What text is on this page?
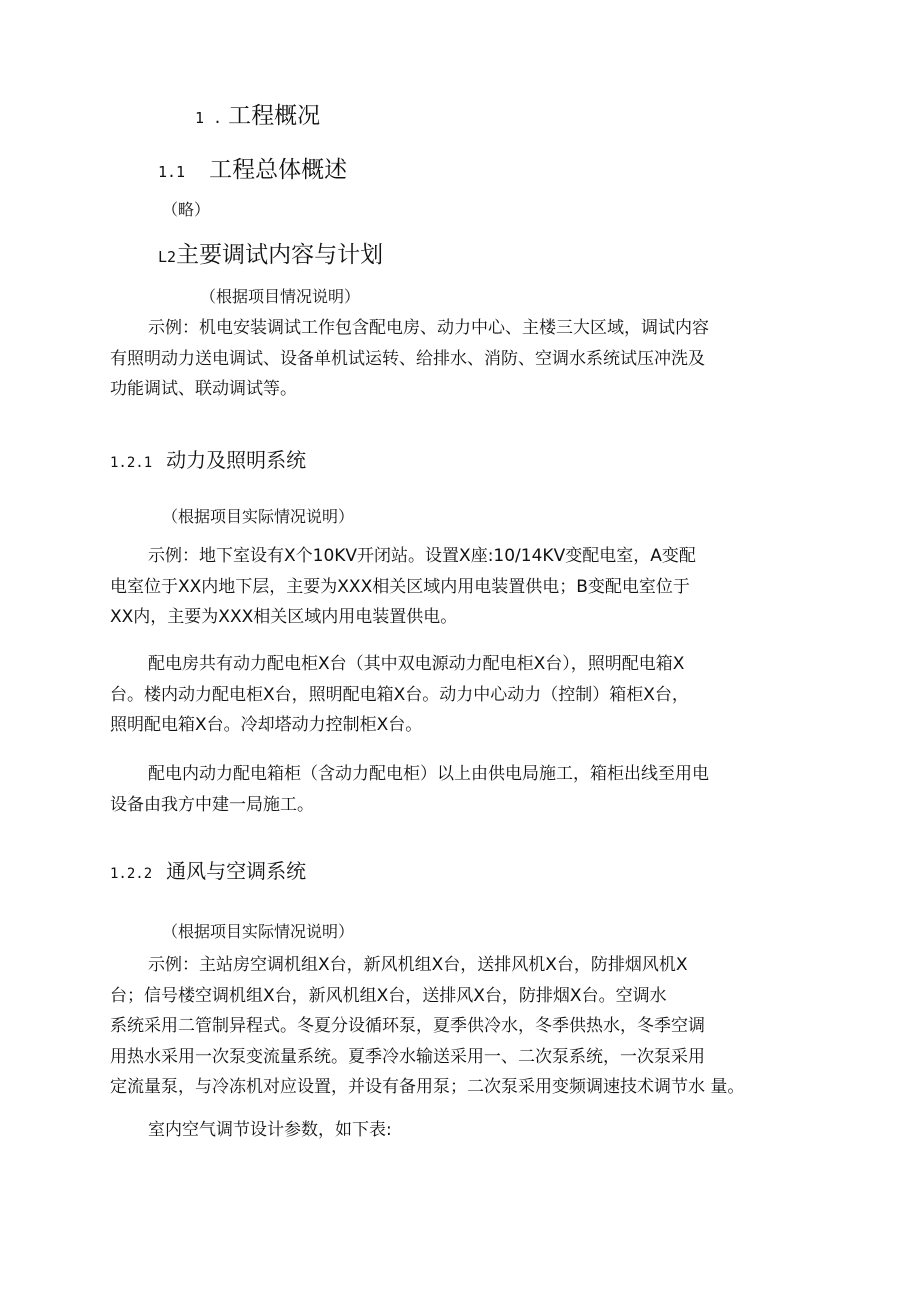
1 . 工程概况
1.1 工程总体概述
（略）
L2主要调试内容与计划
（根据项目情况说明）
示例：机电安装调试工作包含配电房、动力中心、主楼三大区域，调试内容
有照明动力送电调试、设备单机试运转、给排水、消防、空调水系统试压冲洗及
功能调试、联动调试等。
1.2.1 动力及照明系统
（根据项目实际情况说明）
示例：地下室设有X个10KV开闭站。设置X座:10/14KV变配电室，A变配
电室位于XX内地下层，主要为XXX相关区域内用电装置供电；B变配电室位于
XX内，主要为XXX相关区域内用电装置供电。
配电房共有动力配电柜X台（其中双电源动力配电柜X台），照明配电箱X
台。楼内动力配电柜X台，照明配电箱X台。动力中心动力（控制）箱柜X台，
照明配电箱X台。冷却塔动力控制柜X台。
配电内动力配电箱柜（含动力配电柜）以上由供电局施工，箱柜出线至用电
设备由我方中建一局施工。
1.2.2 通风与空调系统
（根据项目实际情况说明）
示例：主站房空调机组X台，新风机组X台，送排风机X台，防排烟风机X
台；信号楼空调机组X台，新风机组X台，送排风X台，防排烟X台。空调水
系统采用二管制异程式。冬夏分设循环泵，夏季供冷水，冬季供热水，冬季空调
用热水采用一次泵变流量系统。夏季冷水输送采用一、二次泵系统，一次泵采用
定流量泵，与冷冻机对应设置，并设有备用泵；二次泵采用变频调速技术调节水 量。
室内空气调节设计参数，如下表:
